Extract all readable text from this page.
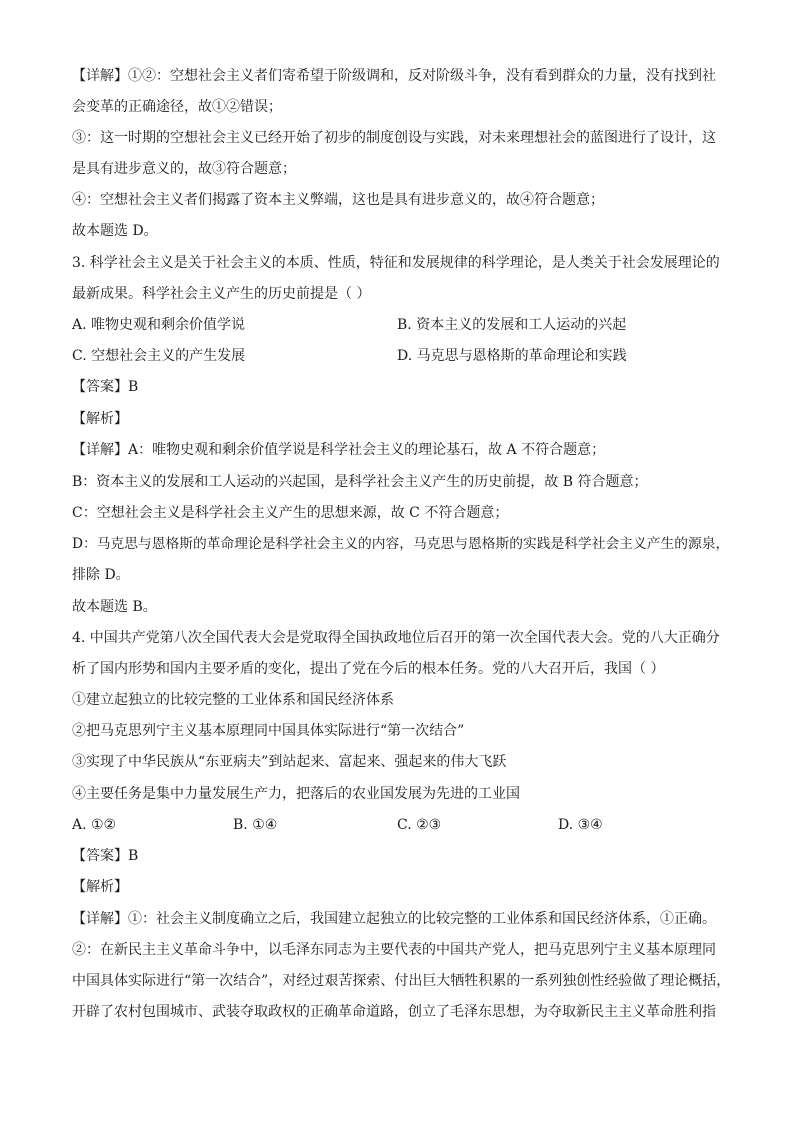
【详解】①②：空想社会主义者们寄希望于阶级调和，反对阶级斗争，没有看到群众的力量，没有找到社
会变革的正确途径，故①②错误；
③：这一时期的空想社会主义已经开始了初步的制度创设与实践，对未来理想社会的蓝图进行了设计，这
是具有进步意义的，故③符合题意；
④：空想社会主义者们揭露了资本主义弊端，这也是具有进步意义的，故④符合题意；
故本题选 D。
3. 科学社会主义是关于社会主义的本质、性质，特征和发展规律的科学理论，是人类关于社会发展理论的
最新成果。科学社会主义产生的历史前提是（ ）
A. 唯物史观和剩余价值学说	B. 资本主义的发展和工人运动的兴起
C. 空想社会主义的产生发展	D. 马克思与恩格斯的革命理论和实践
【答案】B
【解析】
【详解】A：唯物史观和剩余价值学说是科学社会主义的理论基石，故 A 不符合题意；
B：资本主义的发展和工人运动的兴起国，是科学社会主义产生的历史前提，故 B 符合题意；
C：空想社会主义是科学社会主义产生的思想来源，故 C 不符合题意；
D：马克思与恩格斯的革命理论是科学社会主义的内容，马克思与恩格斯的实践是科学社会主义产生的源泉，
排除 D。
故本题选 B。
4. 中国共产党第八次全国代表大会是党取得全国执政地位后召开的第一次全国代表大会。党的八大正确分
析了国内形势和国内主要矛盾的变化，提出了党在今后的根本任务。党的八大召开后，我国（ ）
①建立起独立的比较完整的工业体系和国民经济体系
②把马克思列宁主义基本原理同中国具体实际进行“第一次结合”
③实现了中华民族从“东亚病夫”到站起来、富起来、强起来的伟大飞跃
④主要任务是集中力量发展生产力，把落后的农业国发展为先进的工业国
A. ①②	B. ①④	C. ②③	D. ③④
【答案】B
【解析】
【详解】①：社会主义制度确立之后，我国建立起独立的比较完整的工业体系和国民经济体系，①正确。
②：在新民主主义革命斗争中，以毛泽东同志为主要代表的中国共产党人，把马克思列宁主义基本原理同
中国具体实际进行“第一次结合”，对经过艰苦探索、付出巨大牺牲积累的一系列独创性经验做了理论概括，
开辟了农村包围城市、武装夺取政权的正确革命道路，创立了毛泽东思想，为夺取新民主主义革命胜利指
